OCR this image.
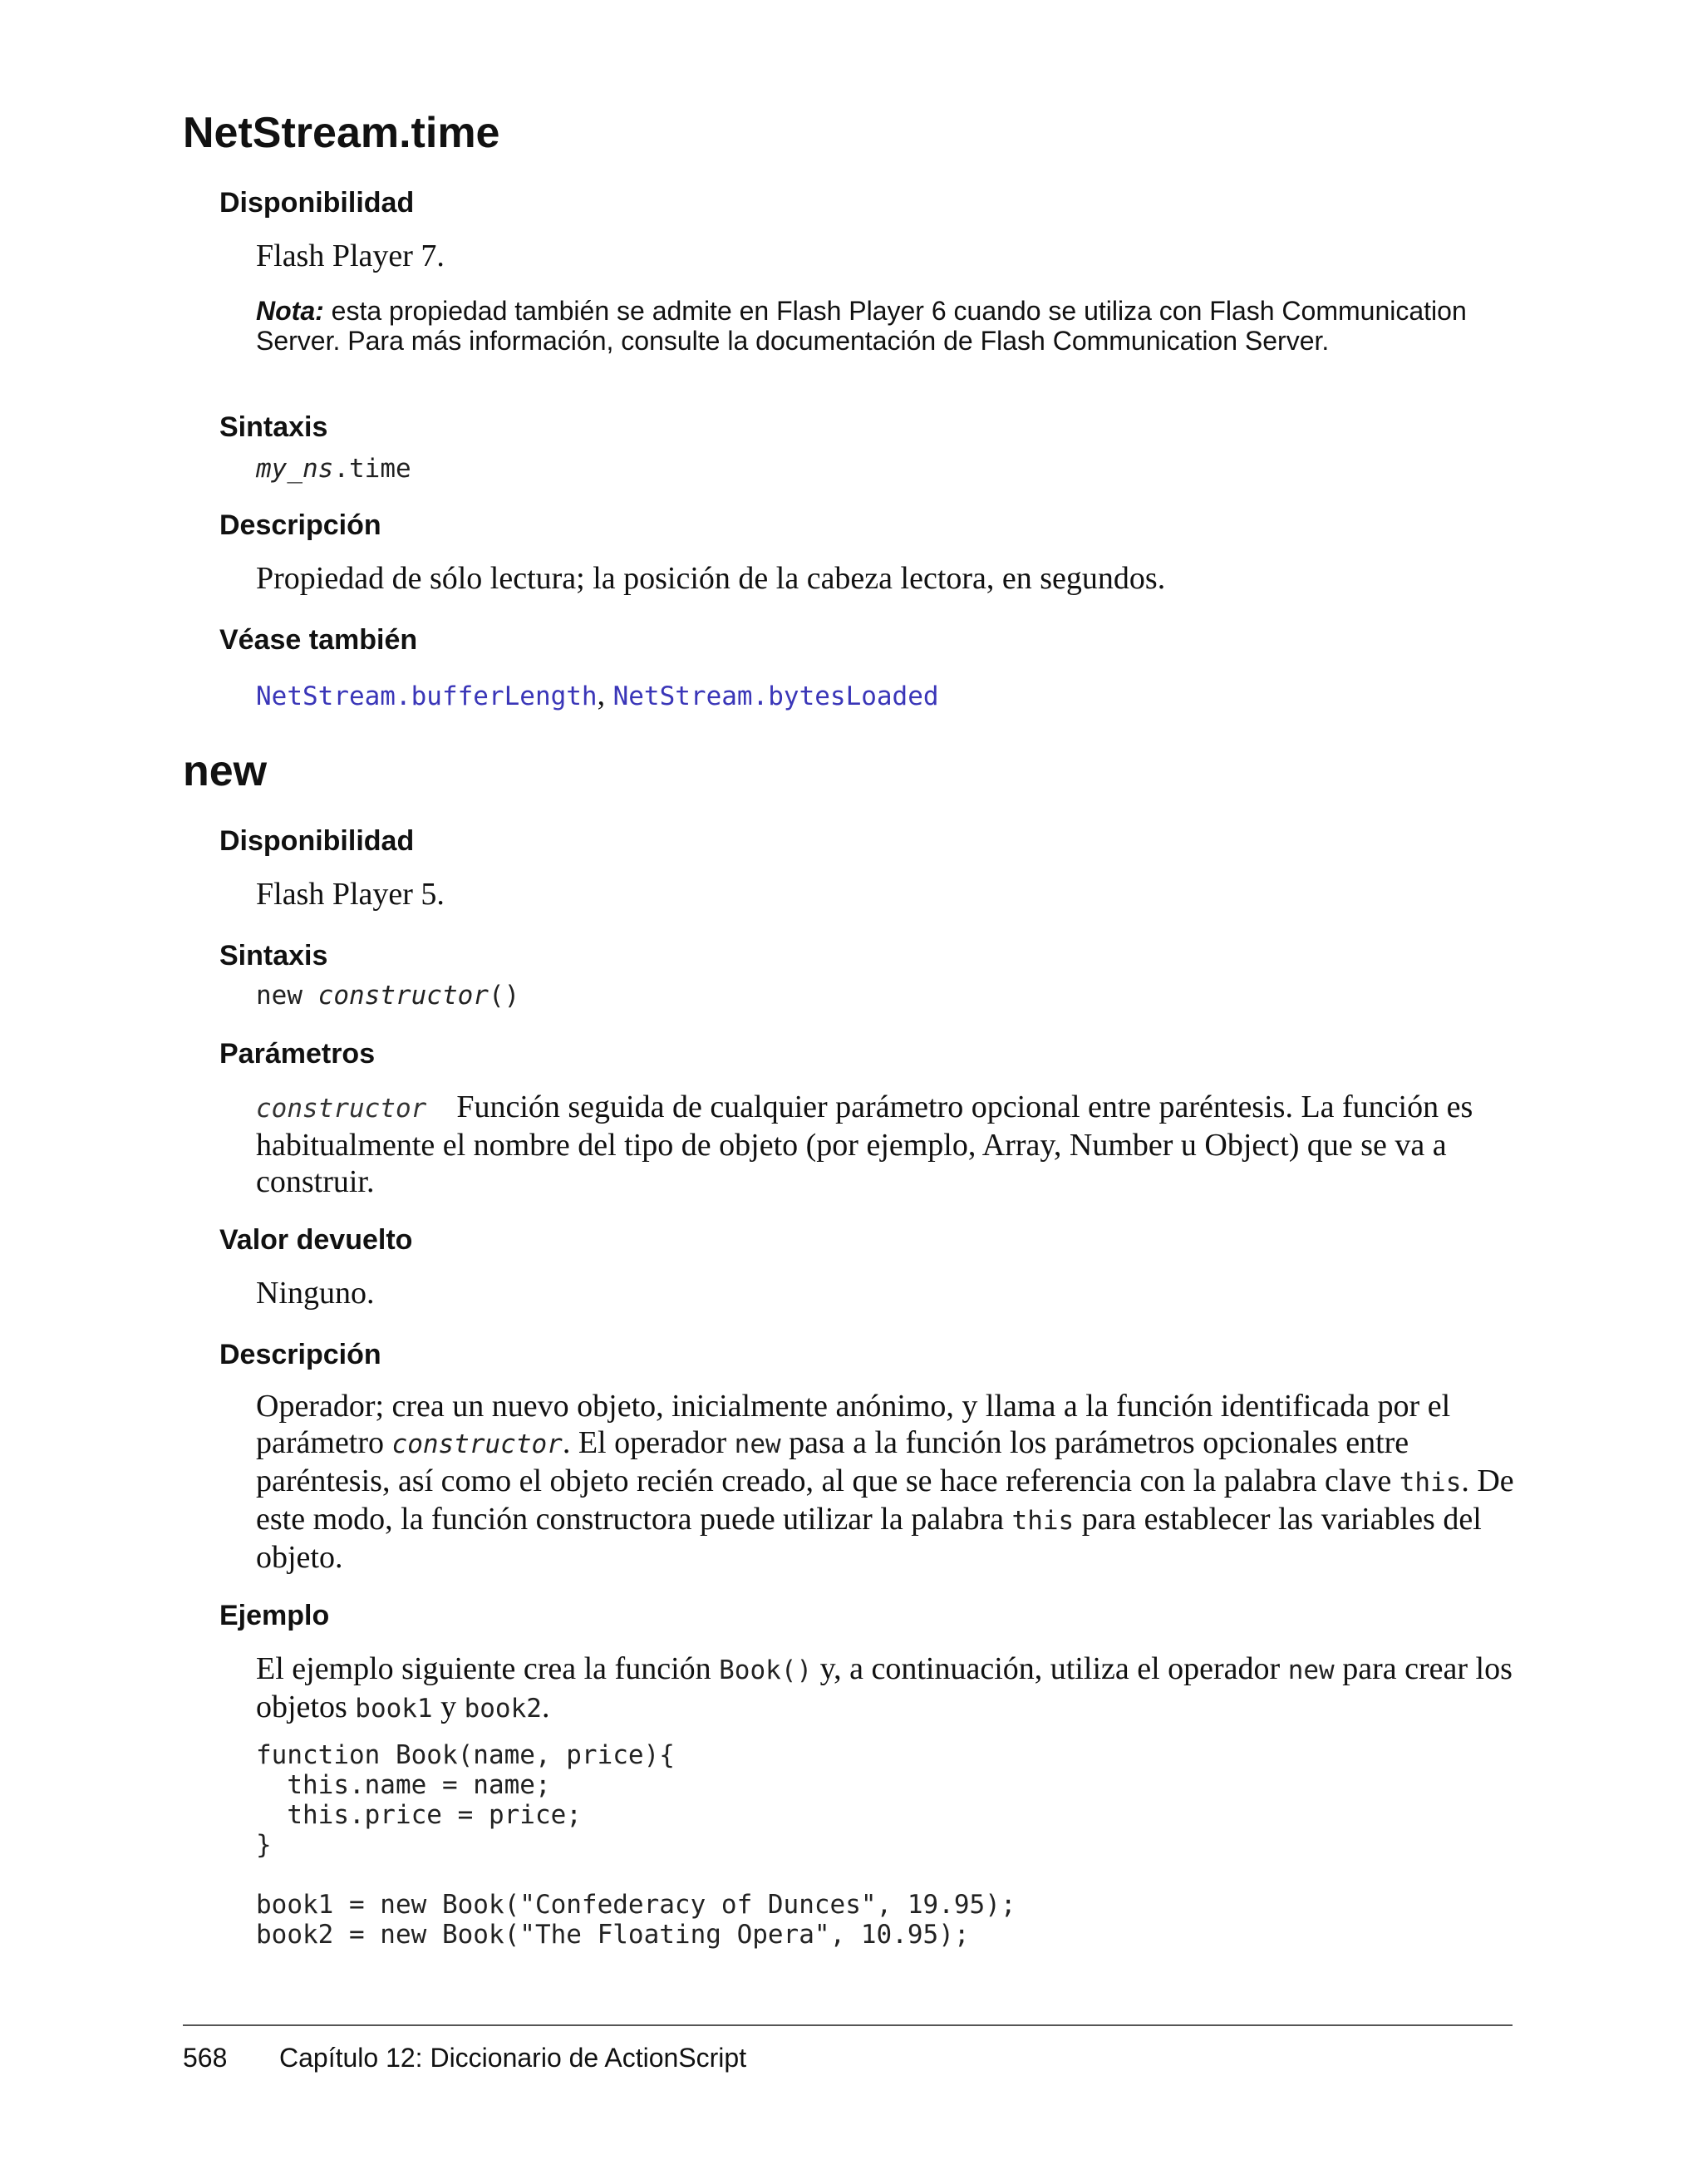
NetStream.time
Disponibilidad

Flash Player 7.

Nota: esta propiedad también se admite en Flash Player 6 cuando se utiliza con Flash Communication Server. Para más información, consulte la documentación de Flash Communication Server.

Sintaxis

my_ns.time

Descripción

Propiedad de sólo lectura; la posición de la cabeza lectora, en segundos.

Véase también

NetStream.bufferLength, NetStream.bytesLoaded

new
Disponibilidad

Flash Player 5.

Sintaxis

new constructor()

Parámetros

constructor Función seguida de cualquier parámetro opcional entre paréntesis. La función es habitualmente el nombre del tipo de objeto (por ejemplo, Array, Number u Object) que se va a construir.

Valor devuelto

Ninguno.

Descripción

Operador; crea un nuevo objeto, inicialmente anónimo, y llama a la función identificada por el parámetro constructor. El operador new pasa a la función los parámetros opcionales entre paréntesis, así como el objeto recién creado, al que se hace referencia con la palabra clave this. De este modo, la función constructora puede utilizar la palabra this para establecer las variables del objeto.

Ejemplo

El ejemplo siguiente crea la función Book() y, a continuación, utiliza el operador new para crear los objetos book1 y book2.

function Book(name, price){

this.name = name;

this.price = price;

}

book1 = new Book("Confederacy of Dunces", 19.95);

book2 = new Book("The Floating Opera", 10.95);

568 Capítulo 12: Diccionario de ActionScript
